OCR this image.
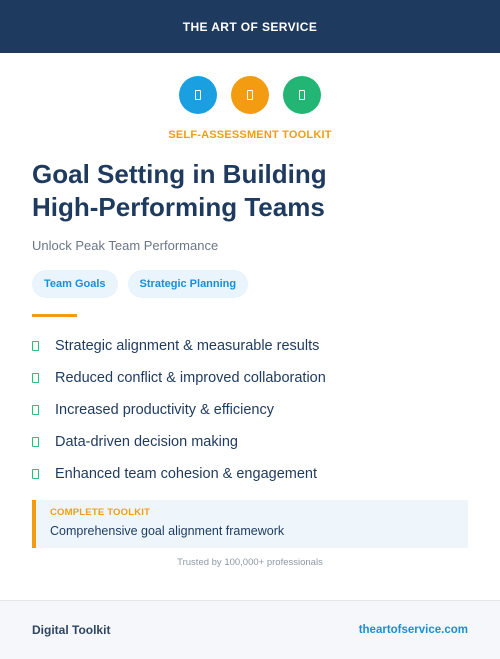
THE ART OF SERVICE
SELF-ASSESSMENT TOOLKIT
Goal Setting in Building
High-Performing Teams
Unlock Peak Team Performance
Team Goals	Strategic Planning
Strategic alignment & measurable results
Reduced conflict & improved collaboration
Increased productivity & efficiency
Data-driven decision making
Enhanced team cohesion & engagement
COMPLETE TOOLKIT
Comprehensive goal alignment framework
Trusted by 100,000+ professionals
Digital Toolkit	theartofservice.com
